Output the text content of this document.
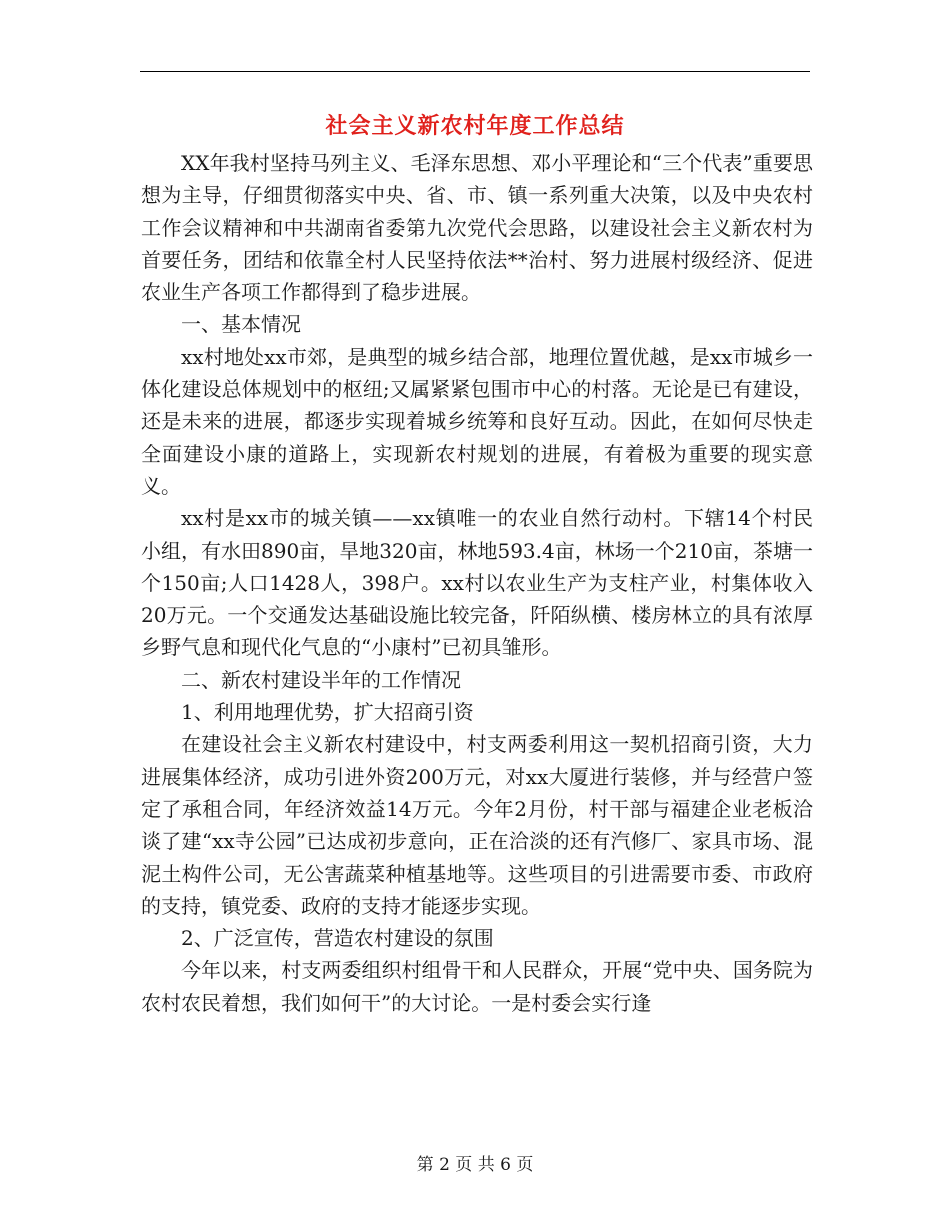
社会主义新农村年度工作总结

XX年我村坚持马列主义、毛泽东思想、邓小平理论和“三个代表”重要思想为主导，仔细贯彻落实中央、省、市、镇一系列重大决策，以及中央农村工作会议精神和中共湖南省委第九次党代会思路，以建设社会主义新农村为首要任务，团结和依靠全村人民坚持依法**治村、努力进展村级经济、促进农业生产各项工作都得到了稳步进展。

一、基本情况

xx村地处xx市郊，是典型的城乡结合部，地理位置优越，是xx市城乡一体化建设总体规划中的枢纽;又属紧紧包围市中心的村落。无论是已有建设，还是未来的进展，都逐步实现着城乡统筹和良好互动。因此，在如何尽快走全面建设小康的道路上，实现新农村规划的进展，有着极为重要的现实意义。

xx村是xx市的城关镇——xx镇唯一的农业自然行动村。下辖14个村民小组，有水田890亩，旱地320亩，林地593.4亩，林场一个210亩，茶塘一个150亩;人口1428人，398户。xx村以农业生产为支柱产业，村集体收入20万元。一个交通发达基础设施比较完备，阡陌纵横、楼房林立的具有浓厚乡野气息和现代化气息的“小康村”已初具雏形。

二、新农村建设半年的工作情况

1、利用地理优势，扩大招商引资

在建设社会主义新农村建设中，村支两委利用这一契机招商引资，大力进展集体经济，成功引进外资200万元，对xx大厦进行装修，并与经营户签定了承租合同，年经济效益14万元。今年2月份，村干部与福建企业老板洽谈了建“xx寺公园”已达成初步意向，正在洽淡的还有汽修厂、家具市场、混泥土构件公司，无公害蔬菜种植基地等。这些项目的引进需要市委、市政府的支持，镇党委、政府的支持才能逐步实现。

2、广泛宣传，营造农村建设的氛围

今年以来，村支两委组织村组骨干和人民群众，开展“党中央、国务院为农村农民着想，我们如何干”的大讨论。一是村委会实行逢

第 2 页 共 6 页
